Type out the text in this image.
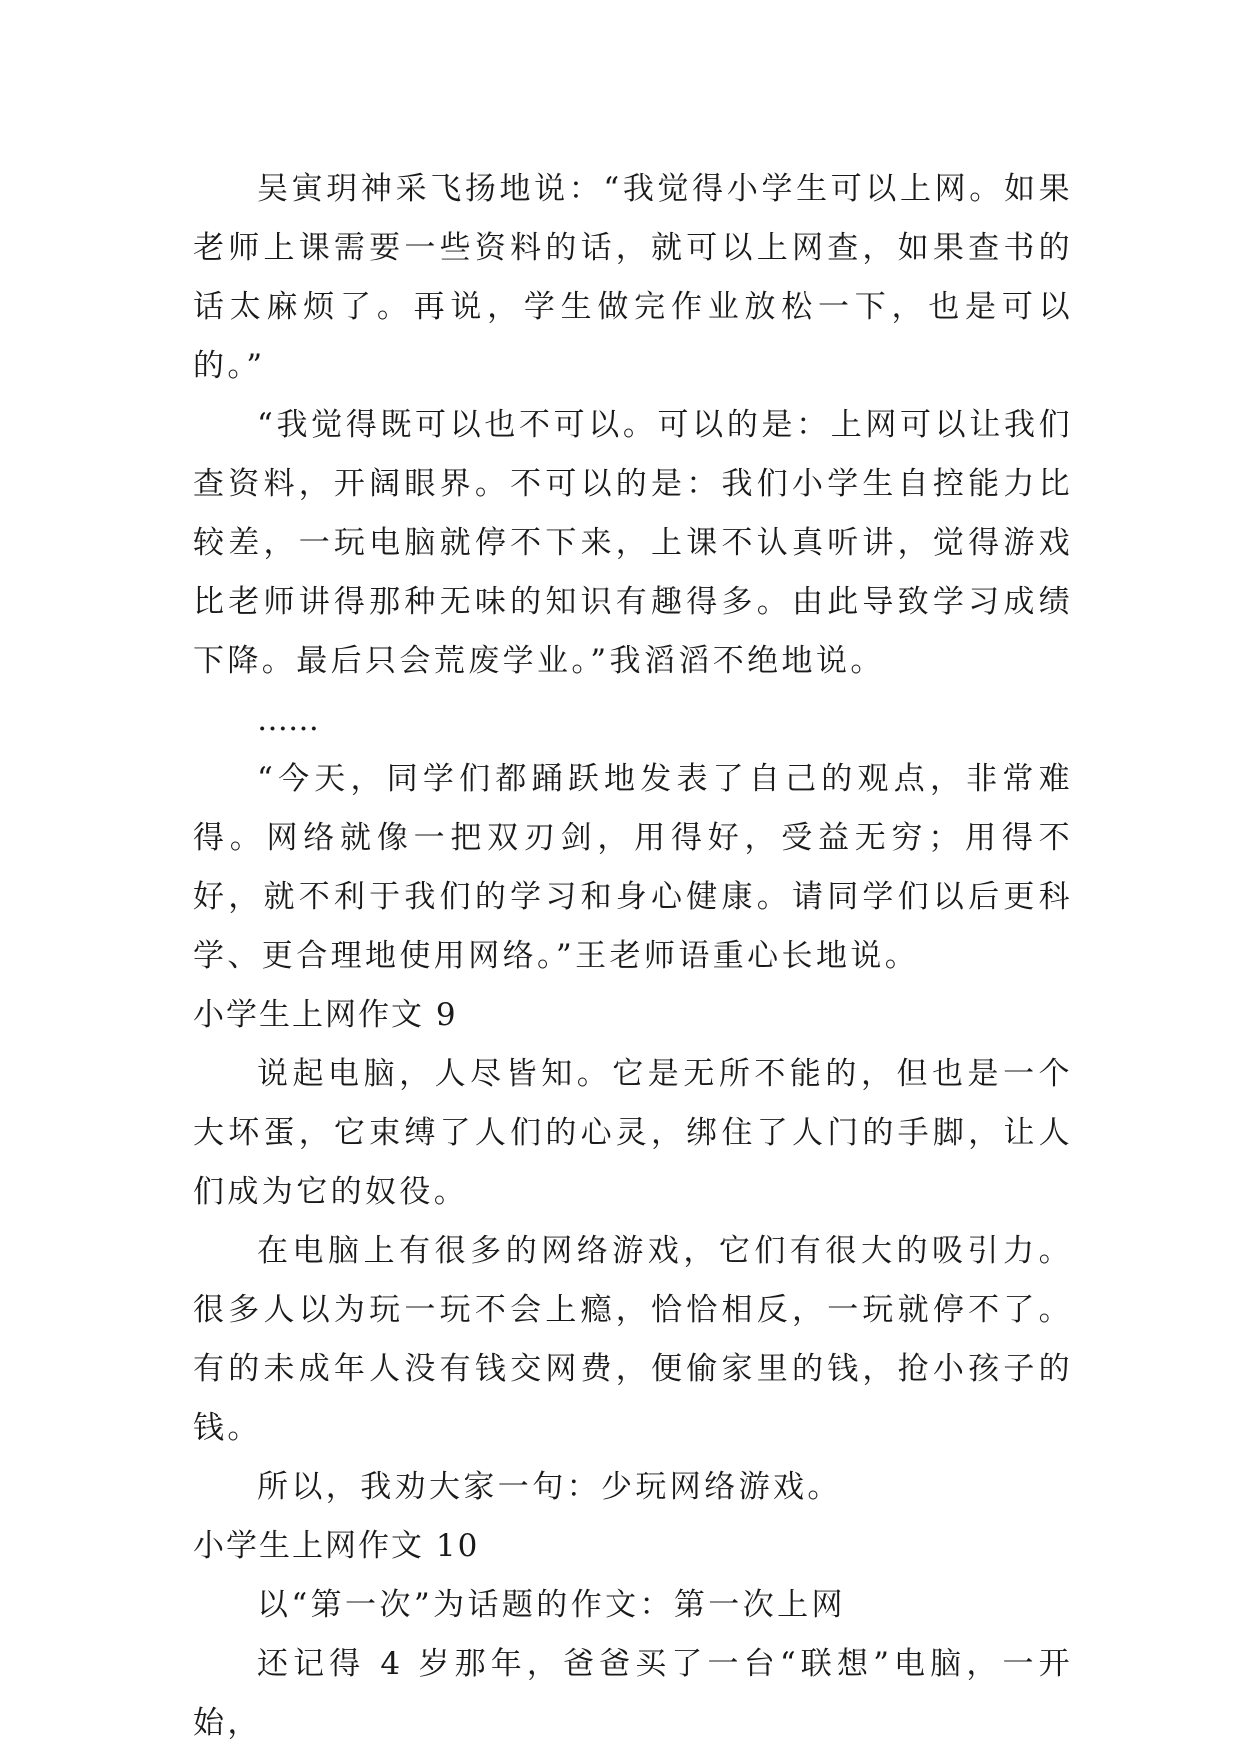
吴寅玥神采飞扬地说：“我觉得小学生可以上网。如果老师上课需要一些资料的话，就可以上网查，如果查书的话太麻烦了。再说，学生做完作业放松一下，也是可以的。”

“我觉得既可以也不可以。可以的是：上网可以让我们查资料，开阔眼界。不可以的是：我们小学生自控能力比较差，一玩电脑就停不下来，上课不认真听讲，觉得游戏比老师讲得那种无味的知识有趣得多。由此导致学习成绩下降。最后只会荒废学业。”我滔滔不绝地说。

……

“今天，同学们都踊跃地发表了自己的观点，非常难得。网络就像一把双刃剑，用得好，受益无穷；用得不好，就不利于我们的学习和身心健康。请同学们以后更科学、更合理地使用网络。”王老师语重心长地说。

小学生上网作文 9

说起电脑，人尽皆知。它是无所不能的，但也是一个大坏蛋，它束缚了人们的心灵，绑住了人门的手脚，让人们成为它的奴役。

在电脑上有很多的网络游戏，它们有很大的吸引力。很多人以为玩一玩不会上瘾，恰恰相反，一玩就停不了。有的未成年人没有钱交网费，便偷家里的钱，抢小孩子的钱。

所以，我劝大家一句：少玩网络游戏。

小学生上网作文 10

以“第一次”为话题的作文：第一次上网

还记得 4 岁那年，爸爸买了一台“联想”电脑，一开始，
